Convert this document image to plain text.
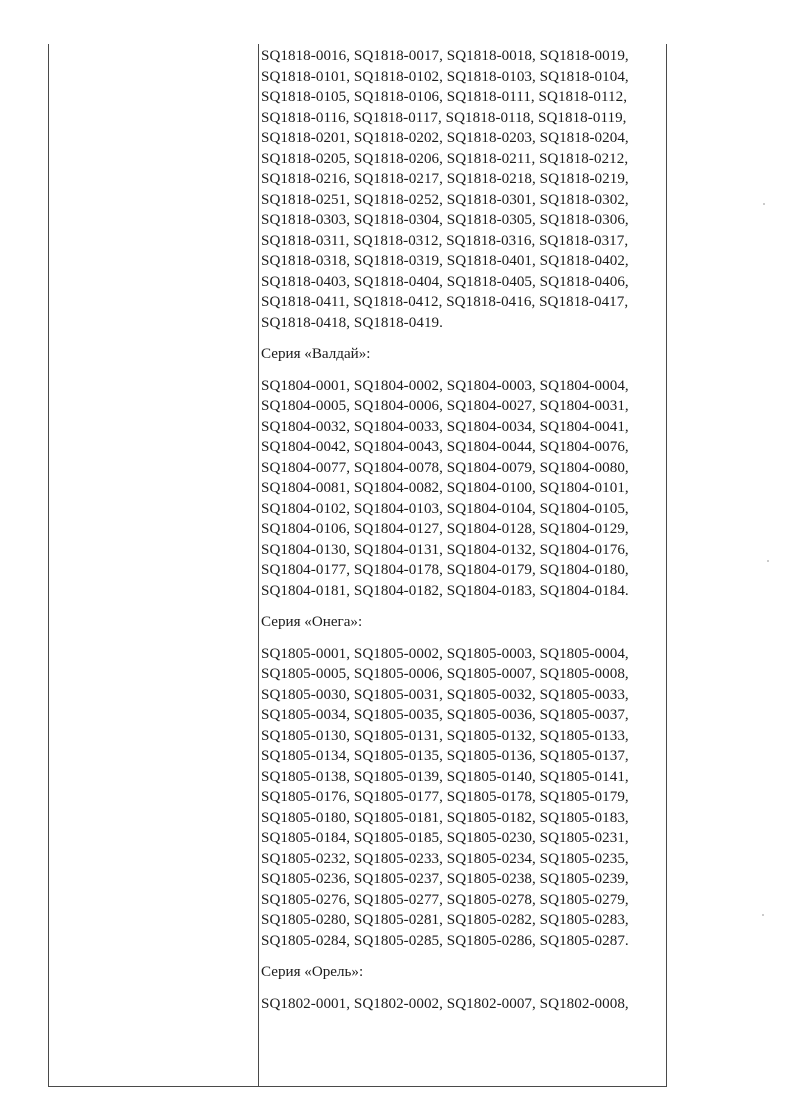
SQ1818-0016, SQ1818-0017, SQ1818-0018, SQ1818-0019,
SQ1818-0101, SQ1818-0102, SQ1818-0103, SQ1818-0104,
SQ1818-0105, SQ1818-0106, SQ1818-0111, SQ1818-0112,
SQ1818-0116, SQ1818-0117, SQ1818-0118, SQ1818-0119,
SQ1818-0201, SQ1818-0202, SQ1818-0203, SQ1818-0204,
SQ1818-0205, SQ1818-0206, SQ1818-0211, SQ1818-0212,
SQ1818-0216, SQ1818-0217, SQ1818-0218, SQ1818-0219,
SQ1818-0251, SQ1818-0252, SQ1818-0301, SQ1818-0302,
SQ1818-0303, SQ1818-0304, SQ1818-0305, SQ1818-0306,
SQ1818-0311, SQ1818-0312, SQ1818-0316, SQ1818-0317,
SQ1818-0318, SQ1818-0319, SQ1818-0401, SQ1818-0402,
SQ1818-0403, SQ1818-0404, SQ1818-0405, SQ1818-0406,
SQ1818-0411, SQ1818-0412, SQ1818-0416, SQ1818-0417,
SQ1818-0418, SQ1818-0419.
Серия «Валдай»:
SQ1804-0001, SQ1804-0002, SQ1804-0003, SQ1804-0004,
SQ1804-0005, SQ1804-0006, SQ1804-0027, SQ1804-0031,
SQ1804-0032, SQ1804-0033, SQ1804-0034, SQ1804-0041,
SQ1804-0042, SQ1804-0043, SQ1804-0044, SQ1804-0076,
SQ1804-0077, SQ1804-0078, SQ1804-0079, SQ1804-0080,
SQ1804-0081, SQ1804-0082, SQ1804-0100, SQ1804-0101,
SQ1804-0102, SQ1804-0103, SQ1804-0104, SQ1804-0105,
SQ1804-0106, SQ1804-0127, SQ1804-0128, SQ1804-0129,
SQ1804-0130, SQ1804-0131, SQ1804-0132, SQ1804-0176,
SQ1804-0177, SQ1804-0178, SQ1804-0179, SQ1804-0180,
SQ1804-0181, SQ1804-0182, SQ1804-0183, SQ1804-0184.
Серия «Онега»:
SQ1805-0001, SQ1805-0002, SQ1805-0003, SQ1805-0004,
SQ1805-0005, SQ1805-0006, SQ1805-0007, SQ1805-0008,
SQ1805-0030, SQ1805-0031, SQ1805-0032, SQ1805-0033,
SQ1805-0034, SQ1805-0035, SQ1805-0036, SQ1805-0037,
SQ1805-0130, SQ1805-0131, SQ1805-0132, SQ1805-0133,
SQ1805-0134, SQ1805-0135, SQ1805-0136, SQ1805-0137,
SQ1805-0138, SQ1805-0139, SQ1805-0140, SQ1805-0141,
SQ1805-0176, SQ1805-0177, SQ1805-0178, SQ1805-0179,
SQ1805-0180, SQ1805-0181, SQ1805-0182, SQ1805-0183,
SQ1805-0184, SQ1805-0185, SQ1805-0230, SQ1805-0231,
SQ1805-0232, SQ1805-0233, SQ1805-0234, SQ1805-0235,
SQ1805-0236, SQ1805-0237, SQ1805-0238, SQ1805-0239,
SQ1805-0276, SQ1805-0277, SQ1805-0278, SQ1805-0279,
SQ1805-0280, SQ1805-0281, SQ1805-0282, SQ1805-0283,
SQ1805-0284, SQ1805-0285, SQ1805-0286, SQ1805-0287.
Серия «Орель»:
SQ1802-0001, SQ1802-0002, SQ1802-0007, SQ1802-0008,
